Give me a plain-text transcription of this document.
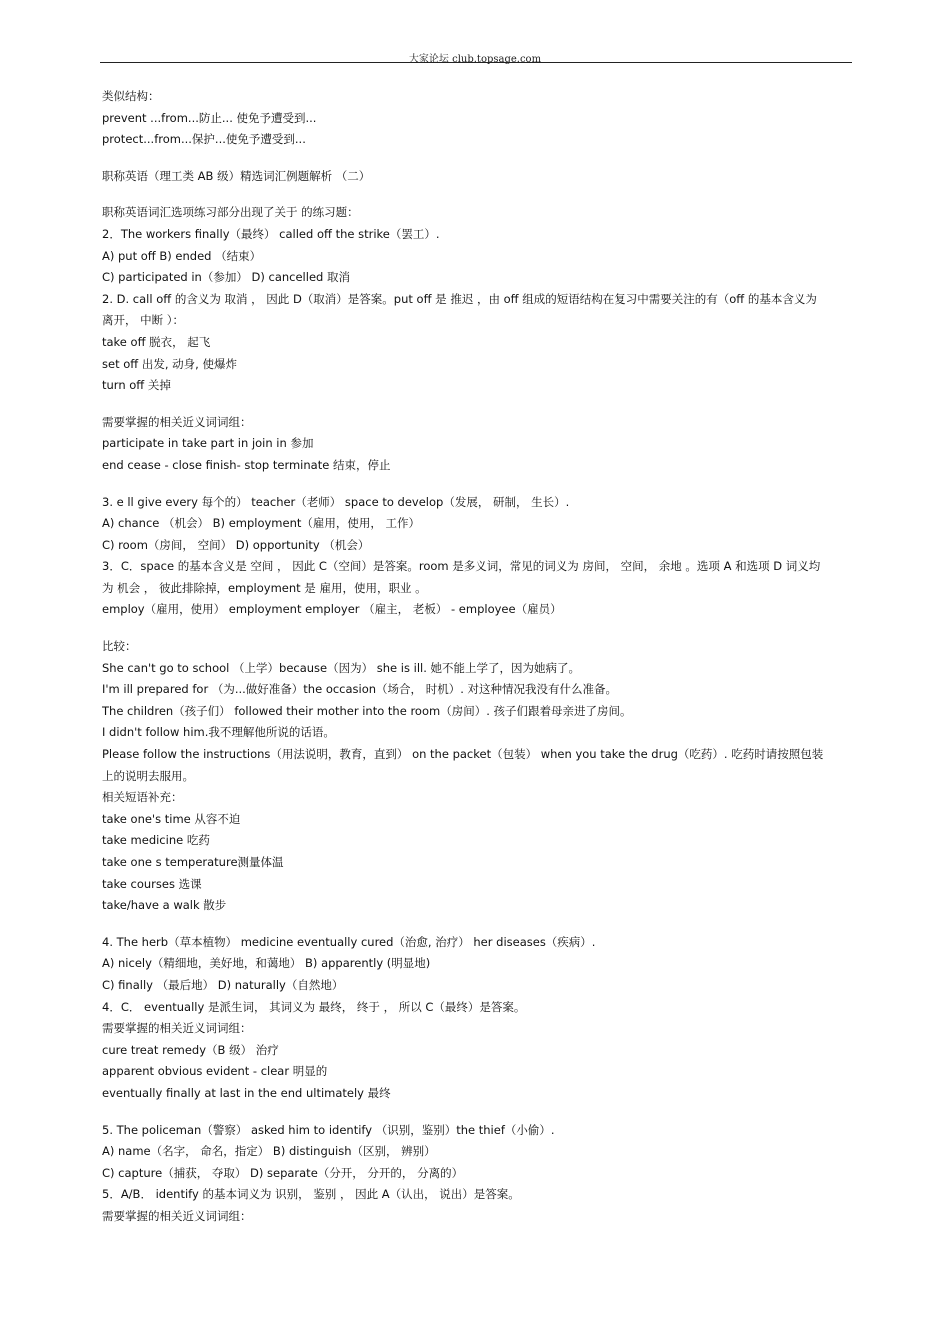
大家论坛 club.topsage.com
类似结构：
prevent ...from...防止... 使免予遭受到...
protect...from...保护...使免予遭受到...
职称英语（理工类 AB 级）精选词汇例题解析 （二）
职称英语词汇选项练习部分出现了关于 的练习题：
2．The workers finally（最终） called off the strike（罢工）.
A) put off B) ended （结束）
C) participated in（参加） D) cancelled 取消
2. D. call off 的含义为 取消 ， 因此 D（取消）是答案。put off 是 推迟 ，由 off 组成的短语结构在复习中需要关注的有（off 的基本含义为
离开， 中断 ）：
take off 脱衣， 起飞
set off 出发, 动身, 使爆炸
turn off 关掉
需要掌握的相关近义词词组：
participate in take part in join in 参加
end cease - close finish- stop terminate 结束，停止
3. e ll give every 每个的） teacher（老师） space to develop（发展， 研制， 生长）.
A) chance （机会） B) employment（雇用，使用， 工作）
C) room（房间， 空间） D) opportunity （机会）
3．C．space 的基本含义是 空间 ， 因此 C（空间）是答案。room 是多义词，常见的词义为 房间， 空间， 余地 。选项 A 和选项 D 词义均
为 机会 ， 彼此排除掉，employment 是 雇用，使用，职业 。
employ（雇用，使用） employment employer （雇主， 老板） - employee（雇员）
比较：
She can't go to school （上学）because（因为） she is ill. 她不能上学了，因为她病了。
I'm ill prepared for （为...做好准备）the occasion（场合， 时机）. 对这种情况我没有什么准备。
The children（孩子们） followed their mother into the room（房间）. 孩子们跟着母亲进了房间。
I didn't follow him.我不理解他所说的话语。
Please follow the instructions（用法说明，教育，直到） on the packet（包装） when you take the drug（吃药）. 吃药时请按照包装
上的说明去服用。
相关短语补充：
take one's time 从容不迫
take medicine 吃药
take one s temperature测量体温
take courses 选课
take/have a walk 散步
4. The herb（草本植物） medicine eventually cured（治愈, 治疗） her diseases（疾病）.
A) nicely（精细地，美好地，和蔼地） B) apparently (明显地)
C) finally （最后地） D) naturally（自然地）
4．C． eventually 是派生词， 其词义为 最终， 终于 ， 所以 C（最终）是答案。
需要掌握的相关近义词词组：
cure treat remedy（B 级） 治疗
apparent obvious evident - clear 明显的
eventually finally at last in the end ultimately 最终
5. The policeman（警察） asked him to identify （识别，鉴别）the thief（小偷）.
A) name（名字， 命名，指定） B) distinguish（区别， 辨别）
C) capture（捕获， 夺取） D) separate（分开， 分开的， 分离的）
5．A/B． identify 的基本词义为 识别， 鉴别 ， 因此 A（认出， 说出）是答案。
需要掌握的相关近义词词组：
